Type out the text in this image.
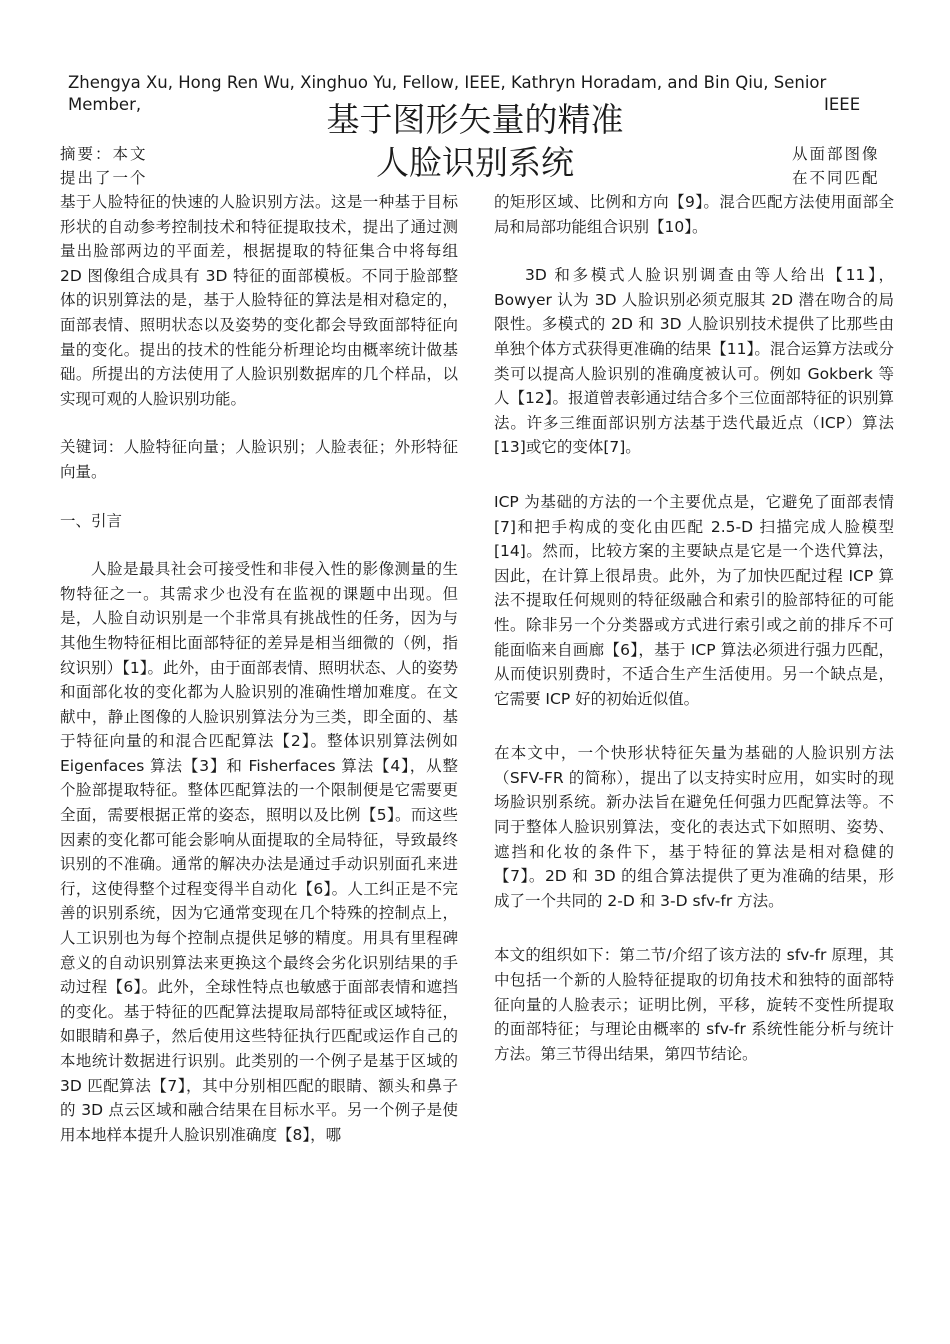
Zhengya Xu, Hong Ren Wu, Xinghuo Yu, Fellow, IEEE, Kathryn Horadam, and Bin Qiu, Senior
Member,	IEEE
基于图形矢量的精准
人脸识别系统
摘要：本文
提出了一个
从面部图像
在不同匹配

基于人脸特征的快速的人脸识别方法。这是一种基于目标形状的自动参考控制技术和特征提取技术，提出了通过测量出脸部两边的平面差，根据提取的特征集合中将每组 2D 图像组合成具有 3D 特征的面部模板。不同于脸部整体的识别算法的是，基于人脸特征的算法是相对稳定的，面部表情、照明状态以及姿势的变化都会导致面部特征向量的变化。提出的技术的性能分析理论均由概率统计做基础。所提出的方法使用了人脸识别数据库的几个样品，以实现可观的人脸识别功能。

关键词：人脸特征向量；人脸识别；人脸表征；外形特征向量。

一、引言

人脸是最具社会可接受性和非侵入性的影像测量的生物特征之一。其需求少也没有在监视的课题中出现。但是，人脸自动识别是一个非常具有挑战性的任务，因为与其他生物特征相比面部特征的差异是相当细微的（例，指纹识别）【1】。此外，由于面部表情、照明状态、人的姿势和面部化妆的变化都为人脸识别的准确性增加难度。在文献中，静止图像的人脸识别算法分为三类，即全面的、基于特征向量的和混合匹配算法【2】。整体识别算法例如 Eigenfaces 算法【3】和 Fisherfaces 算法【4】，从整个脸部提取特征。整体匹配算法的一个限制便是它需要更全面，需要根据正常的姿态，照明以及比例【5】。而这些因素的变化都可能会影响从面提取的全局特征，导致最终识别的不准确。通常的解决办法是通过手动识别面孔来进行，这使得整个过程变得半自动化【6】。人工纠正是不完善的识别系统，因为它通常变现在几个特殊的控制点上，人工识别也为每个控制点提供足够的精度。用具有里程碑意义的自动识别算法来更换这个最终会劣化识别结果的手动过程【6】。此外，全球性特点也敏感于面部表情和遮挡的变化。基于特征的匹配算法提取局部特征或区域特征，如眼睛和鼻子，然后使用这些特征执行匹配或运作自己的本地统计数据进行识别。此类别的一个例子是基于区域的 3D 匹配算法【7】，其中分别相匹配的眼睛、额头和鼻子的 3D 点云区域和融合结果在目标水平。另一个例子是使用本地样本提升人脸识别准确度【8】，哪

的矩形区域、比例和方向【9】。混合匹配方法使用面部全局和局部功能组合识别【10】。

3D 和多模式人脸识别调查由等人给出【11】，Bowyer 认为 3D 人脸识别必须克服其 2D 潜在吻合的局限性。多模式的 2D 和 3D 人脸识别技术提供了比那些由单独个体方式获得更准确的结果【11】。混合运算方法或分类可以提高人脸识别的准确度被认可。例如 Gokberk 等人【12】。报道曾表彰通过结合多个三位面部特征的识别算法。许多三维面部识别方法基于迭代最近点（ICP）算法[13]或它的变体[7]。

ICP 为基础的方法的一个主要优点是，它避免了面部表情[7]和把手构成的变化由匹配 2.5-D 扫描完成人脸模型[14]。然而，比较方案的主要缺点是它是一个迭代算法，因此，在计算上很昂贵。此外，为了加快匹配过程 ICP 算法不提取任何规则的特征级融合和索引的脸部特征的可能性。除非另一个分类器或方式进行索引或之前的排斥不可能面临来自画廊【6】，基于 ICP 算法必须进行强力匹配，从而使识别费时，不适合生产生活使用。另一个缺点是，它需要 ICP 好的初始近似值。

在本文中，一个快形状特征矢量为基础的人脸识别方法（SFV-FR 的简称），提出了以支持实时应用，如实时的现场脸识别系统。新办法旨在避免任何强力匹配算法等。不同于整体人脸识别算法，变化的表达式下如照明、姿势、遮挡和化妆的条件下，基于特征的算法是相对稳健的【7】。2D 和 3D 的组合算法提供了更为准确的结果，形成了一个共同的 2-D 和 3-D sfv-fr 方法。

本文的组织如下：第二节/介绍了该方法的 sfv-fr 原理，其中包括一个新的人脸特征提取的切角技术和独特的面部特征向量的人脸表示；证明比例，平移，旋转不变性所提取的面部特征；与理论由概率的 sfv-fr 系统性能分析与统计方法。第三节得出结果，第四节结论。
